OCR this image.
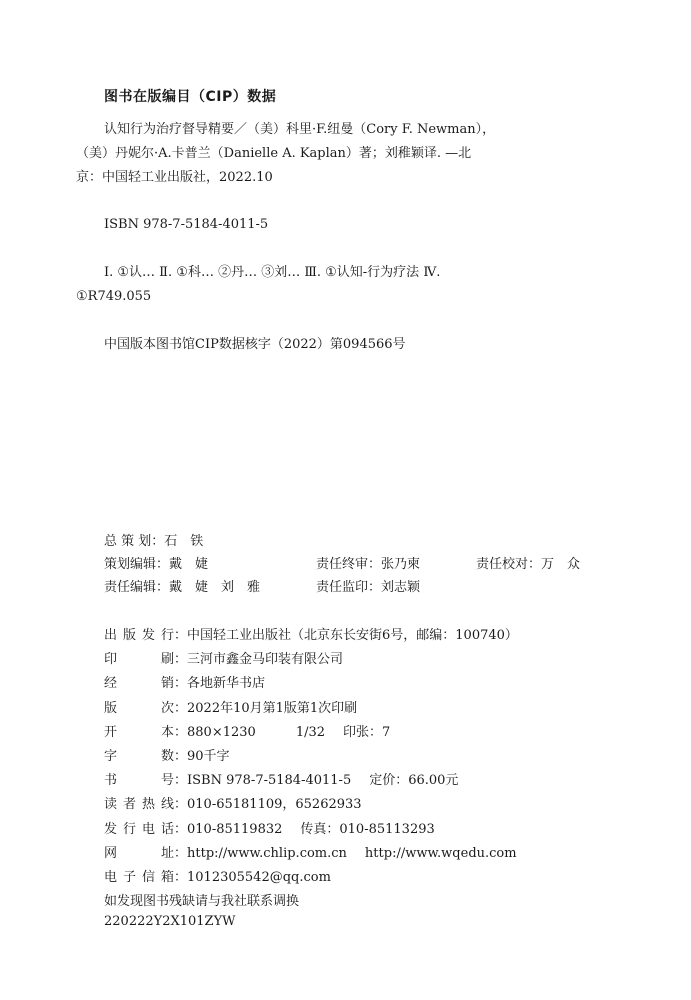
图书在版编目（CIP）数据

认知行为治疗督导精要／（美）科里·F.纽曼（Cory F. Newman），（美）丹妮尔·A.卡普兰（Danielle A. Kaplan）著；刘稚颖译. —北京：中国轻工业出版社，2022.10

ISBN 978-7-5184-4011-5

Ⅰ. ①认… Ⅱ. ①科… ②丹… ③刘… Ⅲ. ①认知-行为疗法 Ⅳ. ①R749.055

中国版本图书馆CIP数据核字（2022）第094566号
总 策 划：石　铁
策划编辑：戴　婕	责任终审：张乃柬	责任校对：万　众
责任编辑：戴　婕　刘　雅	责任监印：刘志颖
出版发行：中国轻工业出版社（北京东长安街6号，邮编：100740）
印　　刷：三河市鑫金马印装有限公司
经　　销：各地新华书店
版　　次：2022年10月第1版第1次印刷
开　　本：880×1230	1/32 印张：7
字　　数：90千字
书　　号：ISBN 978-7-5184-4011-5 定价：66.00元
读者热线：010-65181109，65262933
发行电话：010-85119832 传真：010-85113293
网　　址：http://www.chlip.com.cn http://www.wqedu.com
电子信箱：1012305542@qq.com
如发现图书残缺请与我社联系调换
220222Y2X101ZYW
